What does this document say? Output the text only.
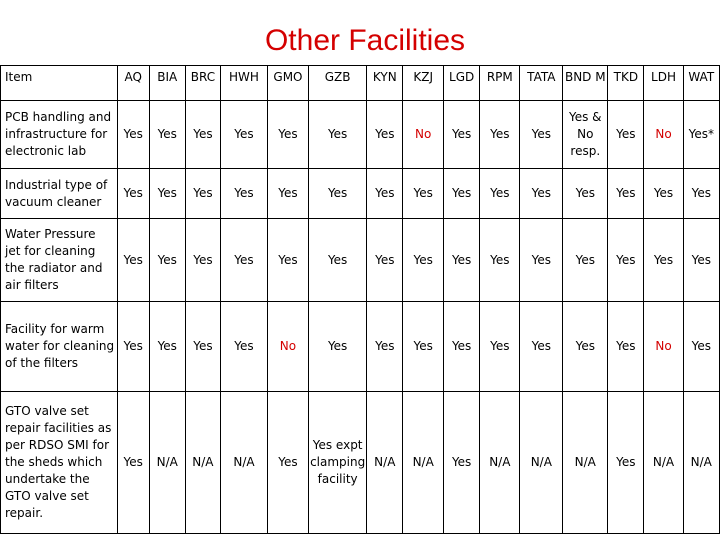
Other Facilities
Item	AQ	BIA	BRC	HWH	GMO	GZB	KYN	KZJ	LGD	RPM	TATA	BND M	TKD	LDH	WAT
PCB handling and infrastructure for electronic lab	Yes	Yes	Yes	Yes	Yes	Yes	Yes	No	Yes	Yes	Yes	Yes & No resp.	Yes	No	Yes*
Industrial type of vacuum cleaner	Yes	Yes	Yes	Yes	Yes	Yes	Yes	Yes	Yes	Yes	Yes	Yes	Yes	Yes	Yes
Water Pressure jet for cleaning the radiator and air filters	Yes	Yes	Yes	Yes	Yes	Yes	Yes	Yes	Yes	Yes	Yes	Yes	Yes	Yes	Yes
Facility for warm water for cleaning of the filters	Yes	Yes	Yes	Yes	No	Yes	Yes	Yes	Yes	Yes	Yes	Yes	Yes	No	Yes
GTO valve set repair facilities as per RDSO SMI for the sheds which undertake the GTO valve set repair.	Yes	N/A	N/A	N/A	Yes	Yes expt clamping facility	N/A	N/A	Yes	N/A	N/A	N/A	Yes	N/A	N/A
